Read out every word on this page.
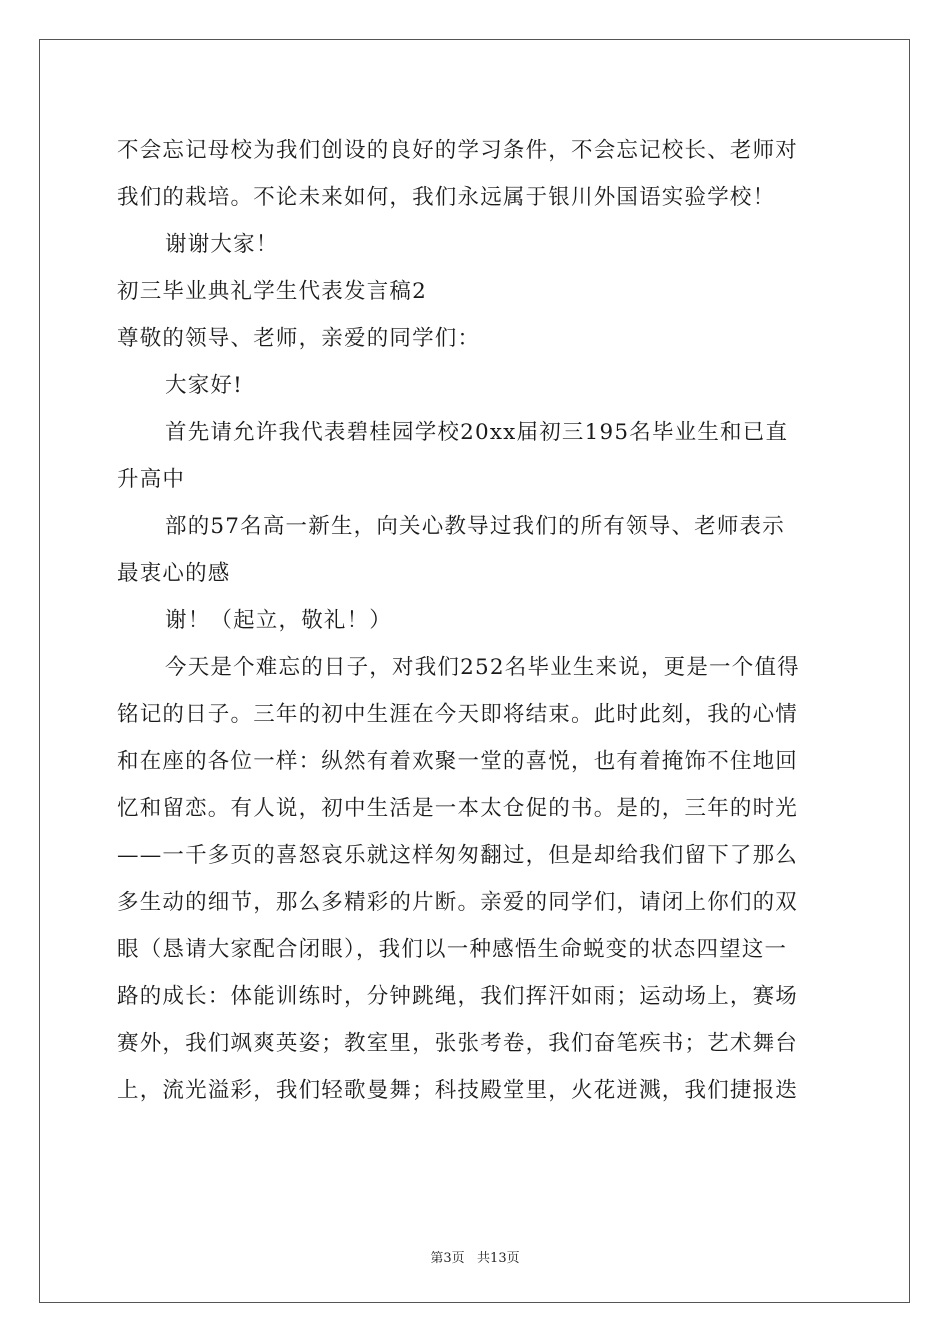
不会忘记母校为我们创设的良好的学习条件，不会忘记校长、老师对
我们的栽培。不论未来如何，我们永远属于银川外国语实验学校！
谢谢大家！
初三毕业典礼学生代表发言稿2
尊敬的领导、老师，亲爱的同学们：
大家好!
首先请允许我代表碧桂园学校20xx届初三195名毕业生和已直
升高中
部的57名高一新生，向关心教导过我们的所有领导、老师表示
最衷心的感
谢！（起立，敬礼！）
今天是个难忘的日子，对我们252名毕业生来说，更是一个值得
铭记的日子。三年的初中生涯在今天即将结束。此时此刻，我的心情
和在座的各位一样：纵然有着欢聚一堂的喜悦，也有着掩饰不住地回
忆和留恋。有人说，初中生活是一本太仓促的书。是的，三年的时光
——一千多页的喜怒哀乐就这样匆匆翻过，但是却给我们留下了那么
多生动的细节，那么多精彩的片断。亲爱的同学们，请闭上你们的双
眼（恳请大家配合闭眼），我们以一种感悟生命蜕变的状态四望这一
路的成长：体能训练时，分钟跳绳，我们挥汗如雨；运动场上，赛场
赛外，我们飒爽英姿；教室里，张张考卷，我们奋笔疾书；艺术舞台
上，流光溢彩，我们轻歌曼舞；科技殿堂里，火花迸溅，我们捷报迭
第3页   共13页
